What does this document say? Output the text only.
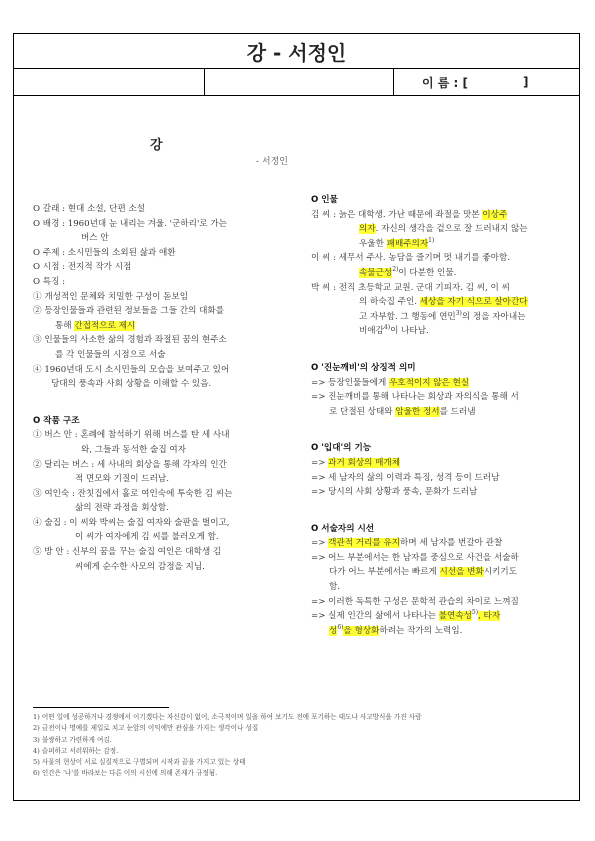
강 - 서정인
이 름 : [	]
강
- 서정인
O 갈래 : 현대 소설, 단편 소설
O 배경 : 1960년대 눈 내리는 겨울. '군하리'로 가는
버스 안
O 주제 : 소시민들의 소외된 삶과 애환
O 시점 : 전지적 작가 시점
O 특징 :
① 개성적인 문체와 치밀한 구성이 돋보임
② 등장인물들과 관련된 정보들을 그들 간의 대화를
통해 간접적으로 제시
③ 인물들의 사소한 삶의 경험과 좌절된 꿈의 현주소
를 각 인물들의 시점으로 서술
④ 1960년대 도시 소시민들의 모습을 보여주고 있어
당대의 풍속과 사회 상황을 이해할 수 있음.
O 작품 구조
① 버스 안 : 혼례에 참석하기 위해 버스를 탄 세 사내
와, 그들과 동석한 술집 여자
② 달리는 버스 : 세 사내의 회상을 통해 각자의 인간
적 면모와 기질이 드러남.
③ 여인숙 : 잔칫집에서 홀로 여인숙에 투숙한 김 씨는
삶의 전략 과정을 회상함.
④ 술집 : 이 씨와 박씨는 술집 여자와 술판을 벌이고,
이 씨가 여자에게 김 씨를 불러오게 함.
⑤ 방 안 : 신부의 꿈을 꾸는 술집 여인은 대학생 김
씨에게 순수한 사모의 감정을 지님.
O 인물
김 씨 : 늙은 대학생. 가난 때문에 좌절을 맛본 이상주
의자. 자신의 생각을 겉으로 잘 드러내지 않는
우울한 패배주의자$^{1)}$
이 씨 : 세무서 주사. 농담을 즐기며 멋 내기를 좋아함.
속물근성$^{2)}$이 다분한 인물.
박 씨 : 전직 초등학교 교원. 군대 기피자. 김 씨, 이 씨
의 하숙집 주인. 세상을 자기 식으로 살아간다
고 자부함. 그 행동에 연민$^{3)}$의 정을 자아내는
비애감$^{4)}$이 나타남.
O '진눈깨비'의 상징적 의미
=> 등장인물들에게 우호적이지 않은 현실
=> 진눈깨비를 통해 나타나는 회상과 자의식을 통해 서
로 단절된 상태와 암울한 정서를 드러냄
O '입대'의 기능
=> 과거 회상의 매개체
=> 세 남자의 삶의 이력과 특징, 성격 등이 드러남
=> 당시의 사회 상황과 풍속, 문화가 드러남
O 서술자의 시선
=> 객관적 거리를 유지하며 세 남자를 번갈아 관찰
=> 어느 부분에서는 한 남자를 중심으로 사건을 서술하
다가 어느 부분에서는 빠르게 시선을 변화시키기도
함.
=> 이러한 독특한 구성은 문학적 관습의 차이로 느껴짐
=> 실제 인간의 삶에서 나타나는 불연속성$^{5)}$, 타자
성$^{6)}$을 형상화하려는 작가의 노력임.
1) 어떤 일에 성공하거나 경쟁에서 이기겠다는 자신감이 없어, 소극적이며 일을 하여 보기도 전에 포기하는 태도나 사고방식을 가진 사람
2) 금전이나 명예를 제일로 치고 눈앞의 이익에만 관심을 가지는 생각이나 성질
3) 불쌍하고 가련하게 여김.
4) 슬퍼하고 서러워하는 감정.
5) 사물의 현상이 서로 실질적으로 구별되며 시작과 끝을 가지고 있는 상태
6) 인간은 '나'를 바라보는 다른 이의 시선에 의해 존재가 규정됨.
